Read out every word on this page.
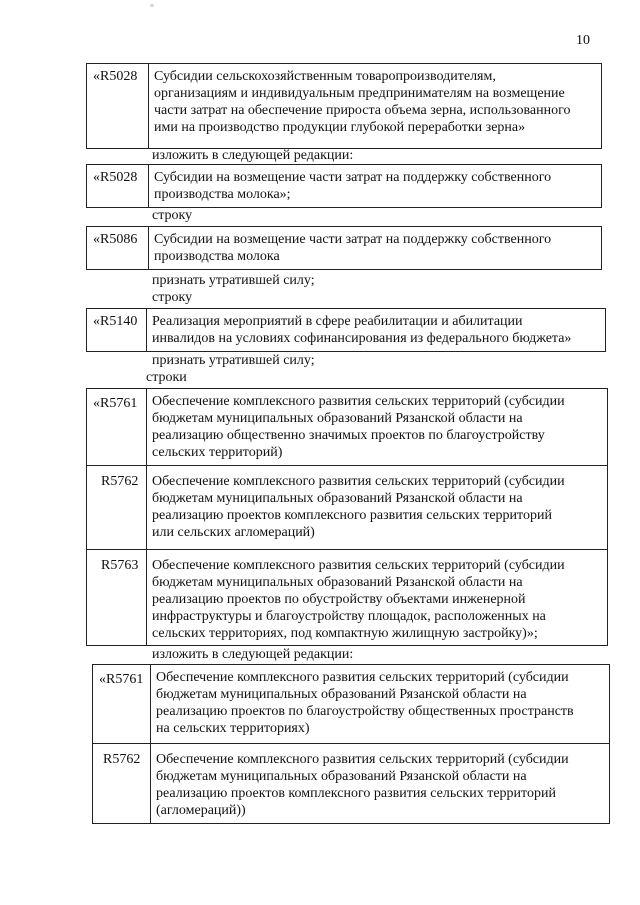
°
10
«R5028	Субсидии сельскохозяйственным товаропроизводителям,
организациям и индивидуальным предпринимателям на возмещение
части затрат на обеспечение прироста объема зерна, использованного
ими на производство продукции глубокой переработки зерна»
изложить в следующей редакции:
«R5028	Субсидии на возмещение части затрат на поддержку собственного
производства молока»;
строку
«R5086	Субсидии на возмещение части затрат на поддержку собственного
производства молока
признать утратившей силу;
строку
«R5140	Реализация мероприятий в сфере реабилитации и абилитации
инвалидов на условиях софинансирования из федерального бюджета»
признать утратившей силу;
строки
«R5761 Обеспечение комплексного развития сельских территорий (субсидии
бюджетам муниципальных образований Рязанской области на
реализацию общественно значимых проектов по благоустройству
сельских территорий)
R5762 Обеспечение комплексного развития сельских территорий (субсидии
бюджетам муниципальных образований Рязанской области на
реализацию проектов комплексного развития сельских территорий
или сельских агломераций)
R5763 Обеспечение комплексного развития сельских территорий (субсидии
бюджетам муниципальных образований Рязанской области на
реализацию проектов по обустройству объектами инженерной
инфраструктуры и благоустройству площадок, расположенных на
сельских территориях, под компактную жилищную застройку)»;
изложить в следующей редакции:
«R5761 Обеспечение комплексного развития сельских территорий (субсидии
бюджетам муниципальных образований Рязанской области на
реализацию проектов по благоустройству общественных пространств
на сельских территориях)
R5762 Обеспечение комплексного развития сельских территорий (субсидии
бюджетам муниципальных образований Рязанской области на
реализацию проектов комплексного развития сельских территорий
(агломераций))
